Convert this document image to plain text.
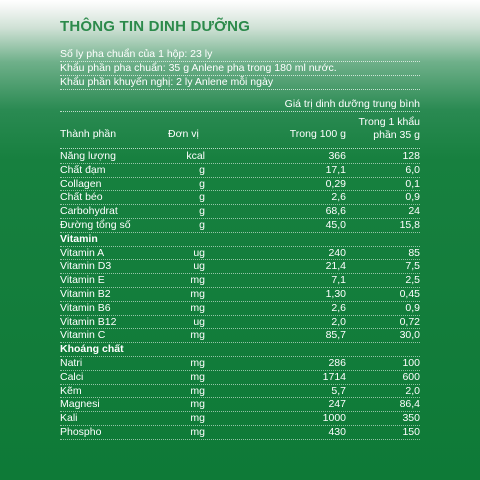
THÔNG TIN DINH DƯỠNG
Số ly pha chuẩn của 1 hộp: 23 ly
Khẩu phần pha chuẩn: 35 g Anlene pha trong 180 ml nước.
Khẩu phần khuyến nghị: 2 ly Anlene mỗi ngày
Giá trị dinh dưỡng trung bình
Thành phần	Đơn vị	Trong 100 g
Trong 1 khẩu
phần 35 g
Năng lượng	kcal	366	128
Chất đạm	g	17,1	6,0
Collagen	g	0,29	0,1
Chất béo	g	2,6	0,9
Carbohydrat	g	68,6	24
Đường tổng số	g	45,0	15,8
Vitamin
Vitamin A	ug	240	85
Vitamin D3	ug	21,4	7,5
Vitamin E	mg	7,1	2,5
Vitamin B2	mg	1,30	0,45
Vitamin B6	mg	2,6	0,9
Vitamin B12	ug	2,0	0,72
Vitamin C	mg	85,7	30,0
Khoáng chất
Natri	mg	286	100
Calci	mg	1714	600
Kẽm	mg	5,7	2,0
Magnesi	mg	247	86,4
Kali	mg	1000	350
Phospho	mg	430	150
